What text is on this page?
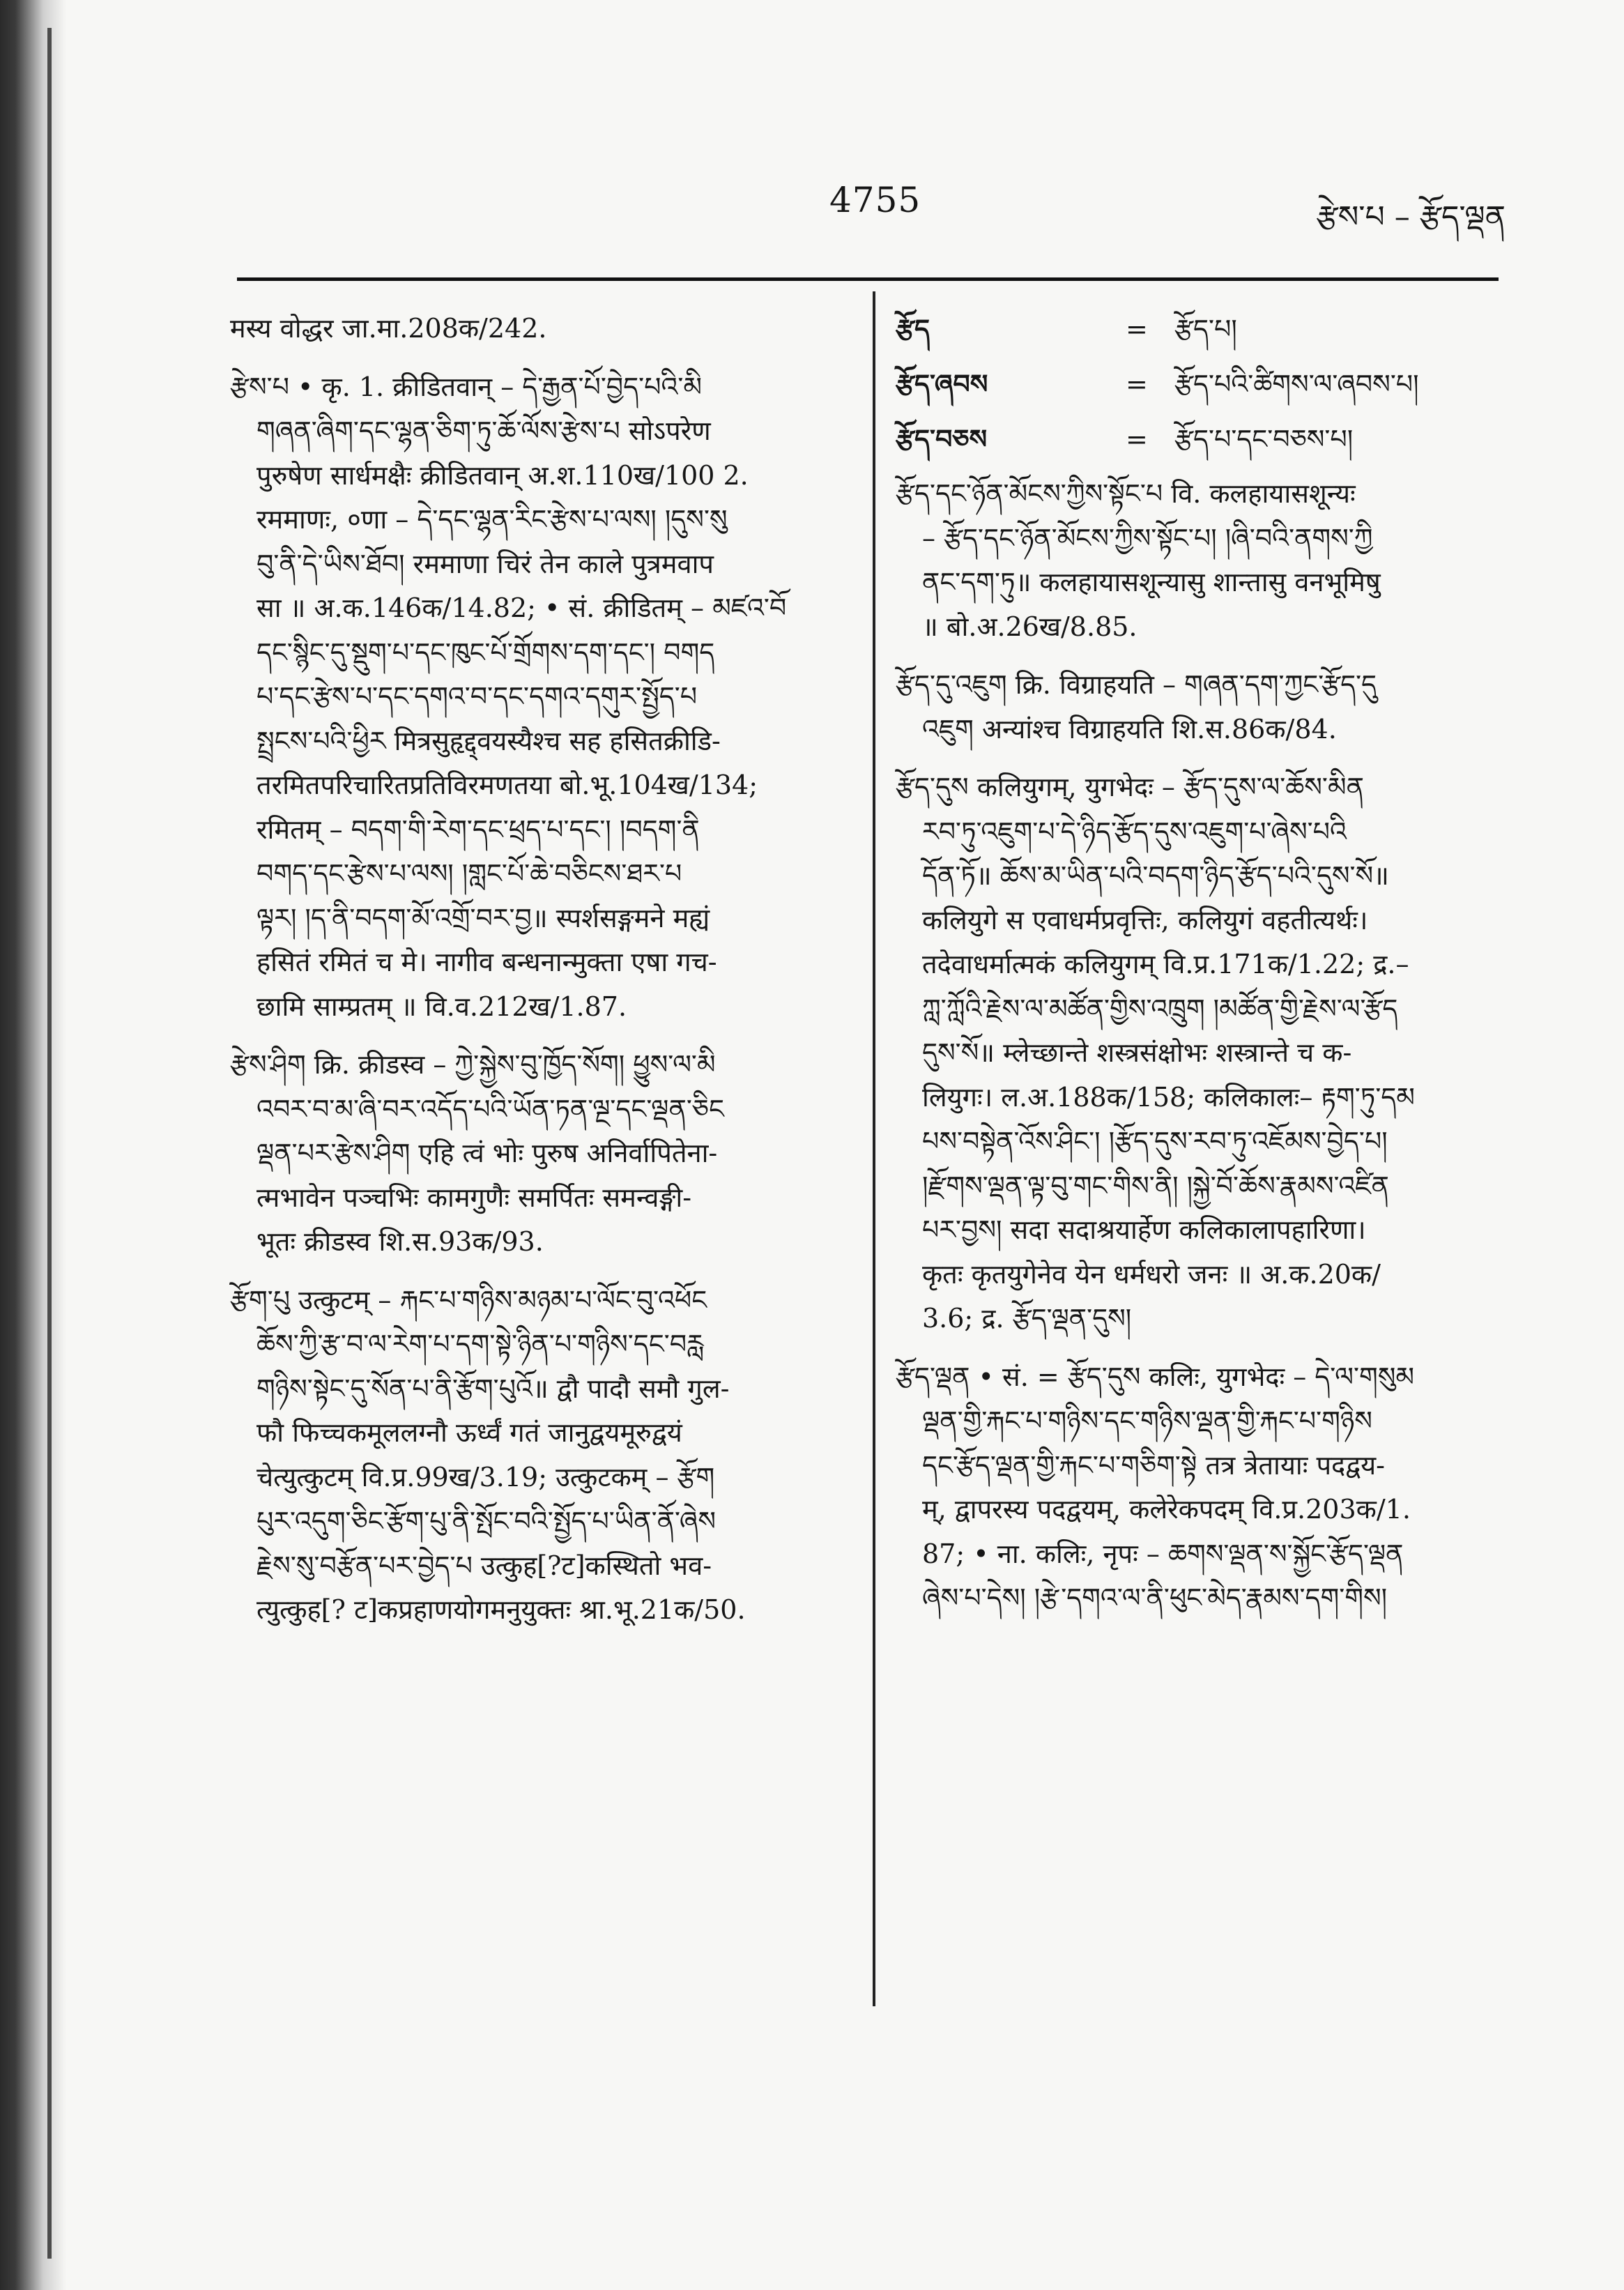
4755	རྩེས་པ – རྩོད་ལྡན
मस्य वोद्धर जा.मा.208क/242.
རྩེས་པ • कृ. 1. क्रीडितवान् – དེ་རྒྱན་པོ་བྱེད་པའི་མི
གཞན་ཞིག་དང་ལྷན་ཅིག་ཏུ་ཆོ་ལོས་རྩེས་པ सोऽपरेण
पुरुषेण सार्धमक्षैः क्रीडितवान् अ.श.110ख/100 2.
रममाणः, ०णा – དེ་དང་ལྷན་རིང་རྩེས་པ་ལས། །དུས་སུ
བུ་ནི་དེ་ཡིས་ཐོབ། रममाणा चिरं तेन काले पुत्रमवाप
सा ॥ अ.क.146क/14.82; • सं. क्रीडितम् – མཛའ་བོ
དང་སྙིང་དུ་སྡུག་པ་དང་ཁུང་པོ་གྲོགས་དག་དང་། བགད
པ་དང་རྩེས་པ་དང་དགའ་བ་དང་དགའ་དགུར་སྤྱོད་པ
སྤྲངས་པའི་ཕྱིར मित्रसुहृद्द्वयस्यैश्च सह हसितक्रीडि-
तरमितपरिचारितप्रतिविरमणतया बो.भू.104ख/134;
रमितम् – བདག་གི་རེག་དང་ཕྲད་པ་དང་། །བདག་ནི
བགད་དང་རྩེས་པ་ལས། །གླང་པོ་ཆེ་བཅིངས་ཐར་པ
ལྟར། །ད་ནི་བདག་མོ་འགྲོ་བར་བྱ॥ स्पर्शसङ्गमने मह्यं
हसितं रमितं च मे। नागीव बन्धनान्मुक्ता एषा गच-
छामि साम्प्रतम् ॥ वि.व.212ख/1.87.
རྩེས་ཤིག क्रि. क्रीडस्व – ཀྱེ་སྐྱེས་བུ་ཁྱོད་སོག། ཕྱུས་ལ་མི
འབར་བ་མ་ཞི་བར་འདོད་པའི་ཡོན་ཏན་ལྔ་དང་ལྡན་ཅིང
ལྡན་པར་རྩེས་ཤིག एहि त्वं भोः पुरुष अनिर्वापितेना-
त्मभावेन पञ्चभिः कामगुणैः समर्पितः समन्वङ्गी-
भूतः क्रीडस्व शि.स.93क/93.
རྩོག་པུ उत्कुटम् – རྐང་པ་གཉིས་མཉམ་པ་ལོང་བུ་འཕོང
ཆོས་ཀྱི་རྩ་བ་ལ་རེག་པ་དག་སྟེ་ཉིན་པ་གཉིས་དང་བརླ
གཉིས་སྟེང་དུ་སོན་པ་ནི་རྩོག་པུའོ॥ द्वौ पादौ समौ गुल-
फौ फिच्चकमूललग्नौ ऊर्ध्वं गतं जानुद्वयमूरुद्वयं
चेत्युत्कुटम् वि.प्र.99ख/3.19; उत्कुटकम् – རྩོག
པུར་འདུག་ཅིང་རྩོག་པུ་ནི་སྤོང་བའི་སྤྱོད་པ་ཡིན་ནོ་ཞེས
རྗེས་སུ་བརྩོན་པར་བྱེད་པ उत्कुह[?ट]कस्थितो भव-
त्युत्कुह[? ट]कप्रहाणयोगमनुयुक्तः श्रा.भू.21क/50.
རྩོད	=	རྩོད་པ།
རྩོད་ཞབས	=	རྩོད་པའི་ཚིགས་ལ་ཞབས་པ།
རྩོད་བཅས	=	རྩོད་པ་དང་བཅས་པ།
རྩོད་དང་ཉོན་མོངས་ཀྱིས་སྟོང་པ वि. कलहायासशून्यः
– རྩོད་དང་ཉོན་མོངས་ཀྱིས་སྟོང་པ། །ཞི་བའི་ནགས་ཀྱི
ནང་དག་ཏུ॥ कलहायासशून्यासु शान्तासु वनभूमिषु
॥ बो.अ.26ख/8.85.
རྩོད་དུ་འཇུག क्रि. विग्राहयति – གཞན་དག་ཀྱང་རྩོད་དུ
འཇུག अन्यांश्च विग्राहयति शि.स.86क/84.
རྩོད་དུས कलियुगम्, युगभेदः – རྩོད་དུས་ལ་ཆོས་མིན
རབ་ཏུ་འཇུག་པ་དེ་ཉིད་རྩོད་དུས་འཇུག་པ་ཞེས་པའི
དོན་ཏོ॥ ཆོས་མ་ཡིན་པའི་བདག་ཉིད་རྩོད་པའི་དུས་སོ॥
कलियुगे स एवाधर्मप्रवृत्तिः, कलियुगं वहतीत्यर्थः।
तदेवाधर्मात्मकं कलियुगम् वि.प्र.171क/1.22; द्र.–
ཀླ་ཀློའི་རྗེས་ལ་མཚོན་གྱིས་འཁྲུག །མཚོན་གྱི་རྗེས་ལ་རྩོད
དུས་སོ॥ म्लेच्छान्ते शस्त्रसंक्षोभः शस्त्रान्ते च क-
लियुगः। ल.अ.188क/158; कलिकालः– རྟག་ཏུ་དམ
པས་བསྟེན་འོས་ཤིང་། །རྩོད་དུས་རབ་ཏུ་འཇོམས་བྱེད་པ།
།རྫོགས་ལྡན་ལྟ་བུ་གང་གིས་ནི། །སྐྱེ་བོ་ཆོས་རྣམས་འཛིན
པར་བྱས། सदा सदाश्रयार्हेण कलिकालापहारिणा।
कृतः कृतयुगेनेव येन धर्मधरो जनः ॥ अ.क.20क/
3.6; द्र. རྩོད་ལྡན་དུས།
རྩོད་ལྡན • सं. = རྩོད་དུས कलिः, युगभेदः – དེ་ལ་གསུམ
ལྡན་གྱི་རྐང་པ་གཉིས་དང་གཉིས་ལྡན་གྱི་རྐང་པ་གཉིས
དང་རྩོད་ལྡན་གྱི་རྐང་པ་གཅིག་སྟེ तत्र त्रेतायाः पदद्वय-
म्, द्वापरस्य पदद्वयम्, कलेरेकपदम् वि.प्र.203क/1.
87; • ना. कलिः, नृपः – ཆགས་ལྡན་ས་སྐྱོང་རྩོད་ལྡན
ཞེས་པ་དེས། །རྩེ་དགའ་ལ་ནི་ཕུང་མེད་རྣམས་དག་གིས།
